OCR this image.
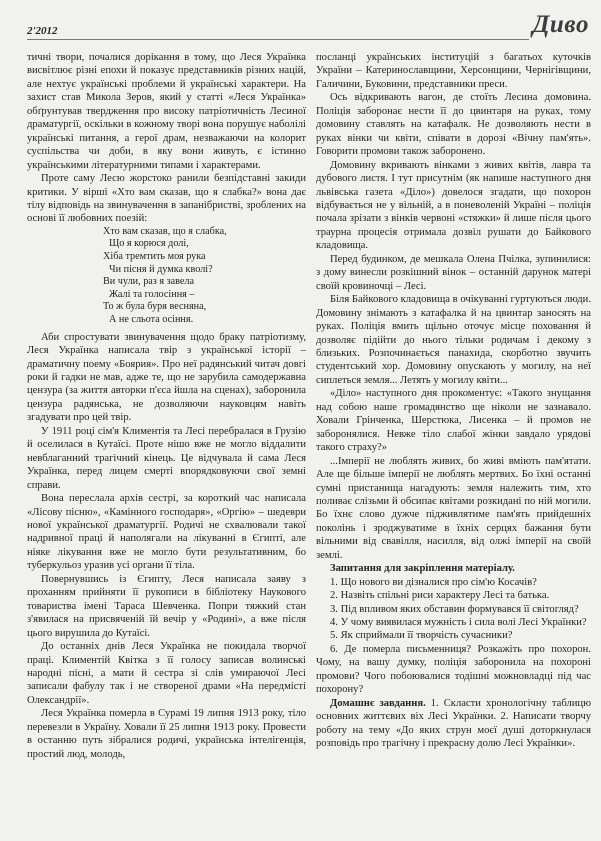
2'2012	Дивo

тичні твори, почалися дорікання в тому, що Леся Українка висвітлює різні епохи й показує представників різних націй, але нехтує українські проблеми й українські характери. На захист став Микола Зеров, який у статті «Леся Українка» обґрунтував твердження про високу патріотичність Лесиної драматургії, оскільки в кожному творі вона порушує наболілі українські питання, а герої драм, незважаючи на колорит суспільства чи доби, в яку вони живуть, є істинно українськими літературними типами і характерами.

Проте саму Лесю жорстоко ранили безпідставні закиди критики. У вірші «Хто вам сказав, що я слабка?» вона дає тілу відповідь на звинувачення в запанібристві, зроблених на основі її любовних поезій:

Хто вам сказав, що я слабка,
Що я корюся долі,
Хіба тремтить моя рука
Чи пісня й думка кволі?
Ви чули, раз я завела
Жалі та голосіння –
То ж була буря весняна,
А не сльота осіння.

Аби спростувати звинувачення щодо браку патріотизму, Леся Українка написала твір з української історії – драматичну поему «Боярия». Про неї радянський читач довгі роки й гадки не мав, адже те, що не зарубила самодержавна цензура (за життя авторки п'єса йшла на сценах), заборонила цензура радянська, не дозволяючи науковцям навіть згадувати про цей твір.

У 1911 році сім'я Климентія та Лесі перебралася в Грузію й оселилася в Кутаїсі. Проте нішо вже не могло віддалити невблаганний трагічний кінець. Це відчувала й сама Леся Українка, перед лицем смерті впорядковуючи свої земні справи.

Вона переслала архів сестрі, за короткий час написала «Лісову пісню», «Камінного господаря», «Оргію» – шедеври нової української драматургії. Родичі не схвалювали такої надривної праці й наполягали на лікуванні в Єгипті, але ніяке лікування вже не могло бути результативним, бо туберкульоз уразив усі органи її тіла.

Повернувшись із Єгипту, Леся написала заяву з проханням прийняти її рукописи в бібліотеку Наукового товариства імені Тараса Шевченка. Попри тяжкий стан з'явилася на присвяченій їй вечір у «Родині», а вже після цього вирушила до Кутаїсі.

До останніх днів Леся Українка не покидала творчої праці. Климентій Квітка з її голосу записав волинські народні пісні, а мати й сестра зі слів умираючої Лесі записали фабулу так і не створеної драми «На передмісті Олександрії».

Леся Українка померла в Сурамі 19 липня 1913 року, тіло перевезли в Україну. Ховали її 25 липня 1913 року. Провести в останню путь зібралися родичі, українська інтелігенція, простий люд, молодь,

посланці українських інституцій з багатьох куточків України – Катеринославщини, Херсонщини, Чернігівщини, Галичини, Буковини, представники преси.

Ось відкривають вагон, де стоїть Лесина домовина. Поліція заборонає нести її до цвинтаря на руках, тому домовину ставлять на катафалк. Не дозволяють нести в руках вінки чи квіти, співати в дорозі «Вічну пам'ять». Говорити промови також заборонено.

Домовину вкривають вінками з живих квітів, лавра та дубового листя. І тут присутнім (як напише наступного дня львівська газета «Діло») довелося згадати, що похорон відбувається не у вільній, а в поневоленій Україні – поліція почала зрізати з вінків червоні «стяжки» й лише після цього траурна процесія отримала дозвіл рушати до Байкового кладовища.

Перед будинком, де мешкала Олена Пчілка, зупинилися: з дому винесли розкішний вінок – останній дарунок матері своїй кровиночці – Лесі.

Біля Байкового кладовища в очікуванні гуртуються люди. Домовину знімають з катафалка й на цвинтар заносять на руках. Поліція вмить щільно оточує місце поховання й дозволяє підійти до нього тільки родичам і декому з близьких. Розпочинається панахида, скорботно звучить студентський хор. Домовину опускають у могилу, на неї сиплеться земля... Летять у могилу квіти...

«Діло» наступного дня прокоментує: «Такого знущання над собою наше громадянство ще ніколи не зазнавало. Ховали Грінченка, Шерстюка, Лисенка – й промов не заборонялися. Невже тіло слабої жінки завдало урядові такого страху?»

...Імперії не люблять живих, бо живі вміють пам'ятати. Але ще більше імперії не люблять мертвих. Бо їхні останні сумні пристанища нагадують: земля належить тим, хто поливає слізьми й обсипає квітами розкидані по ній могили. Бо їхнє слово дужче підживлятиме пам'ять прийдешніх поколінь і зроджуватиме в їхніх серцях бажання бути вільними від свавілля, насилля, від олжі імперії на своїй землі.

Запитання для закріплення матеріалу.

1. Що нового ви дізналися про сім'ю Косачів?
2. Назвіть спільні риси характеру Лесі та батька.
3. Під впливом яких обставин формувався її світогляд?
4. У чому виявилася мужність і сила волі Лесі Українки?
5. Як сприймали її творчість сучасники?
6. Де померла письменниця? Розкажіть про похорон. Чому, на вашу думку, поліція заборонила на похороні промови? Чого побоювалися тодішні можновладці під час похорону?

Домашнє завдання. 1. Скласти хронологічну таблицю основних життєвих віх Лесі Українки. 2. Написати творчу роботу на тему «До яких струн моєї душі доторкнулася розповідь про трагічну і прекрасну долю Лесі Українки».
